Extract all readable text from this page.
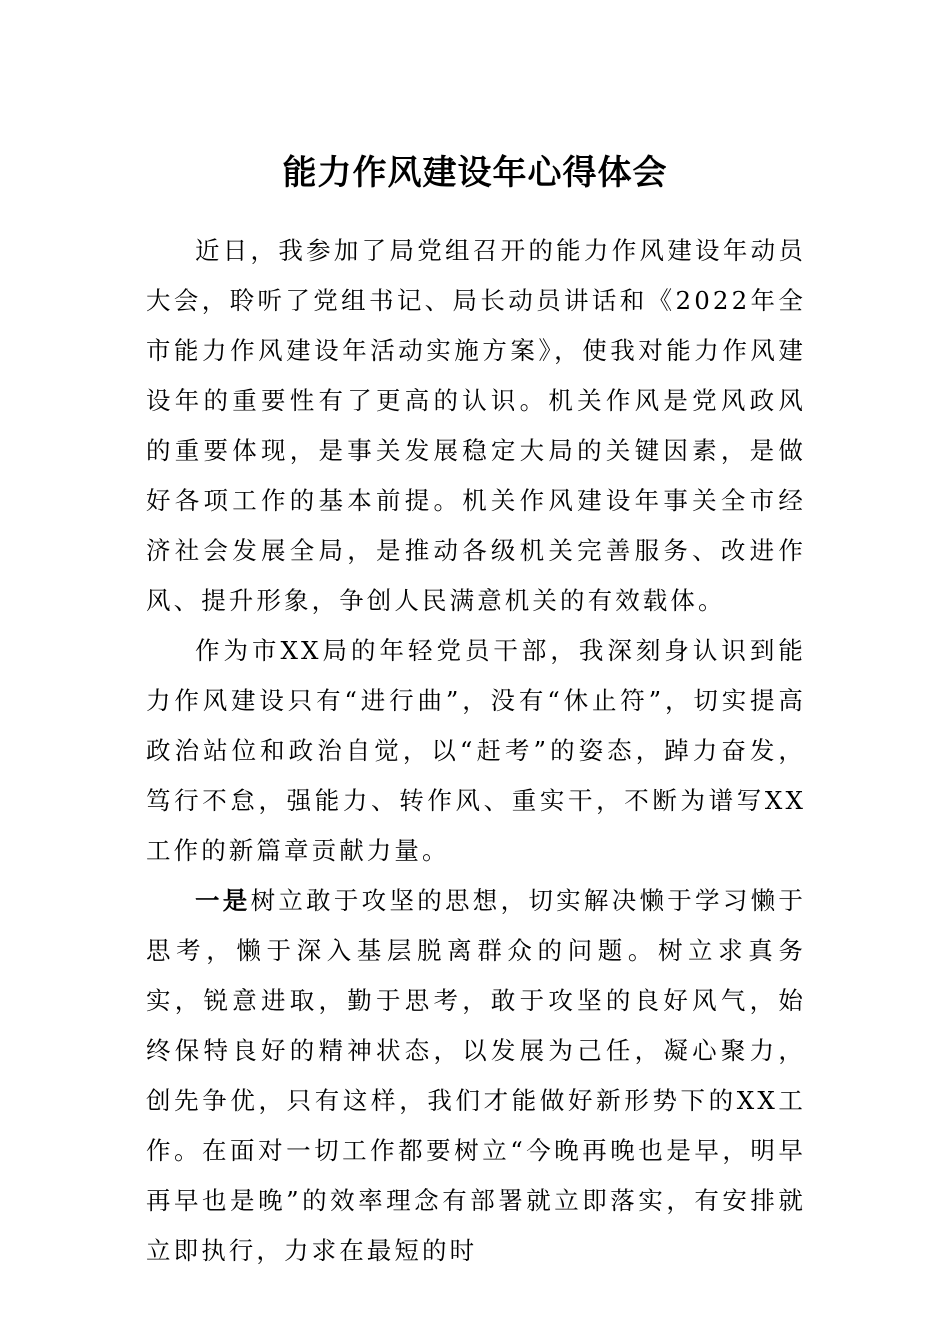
能力作风建设年心得体会

近日，我参加了局党组召开的能力作风建设年动员大会，聆听了党组书记、局长动员讲话和《2022年全市能力作风建设年活动实施方案》，使我对能力作风建设年的重要性有了更高的认识。机关作风是党风政风的重要体现，是事关发展稳定大局的关键因素，是做好各项工作的基本前提。机关作风建设年事关全市经济社会发展全局，是推动各级机关完善服务、改进作风、提升形象，争创人民满意机关的有效载体。

作为市XX局的年轻党员干部，我深刻身认识到能力作风建设只有“进行曲”，没有“休止符”，切实提高政治站位和政治自觉，以“赶考”的姿态，踔力奋发，笃行不怠，强能力、转作风、重实干，不断为谱写XX工作的新篇章贡献力量。

一是树立敢于攻坚的思想，切实解决懒于学习懒于思考，懒于深入基层脱离群众的问题。树立求真务实，锐意进取，勤于思考，敢于攻坚的良好风气，始终保特良好的精神状态，以发展为己任，凝心聚力，创先争优，只有这样，我们才能做好新形势下的XX工作。在面对一切工作都要树立“今晚再晚也是早，明早再早也是晚”的效率理念有部署就立即落实，有安排就立即执行，力求在最短的时
